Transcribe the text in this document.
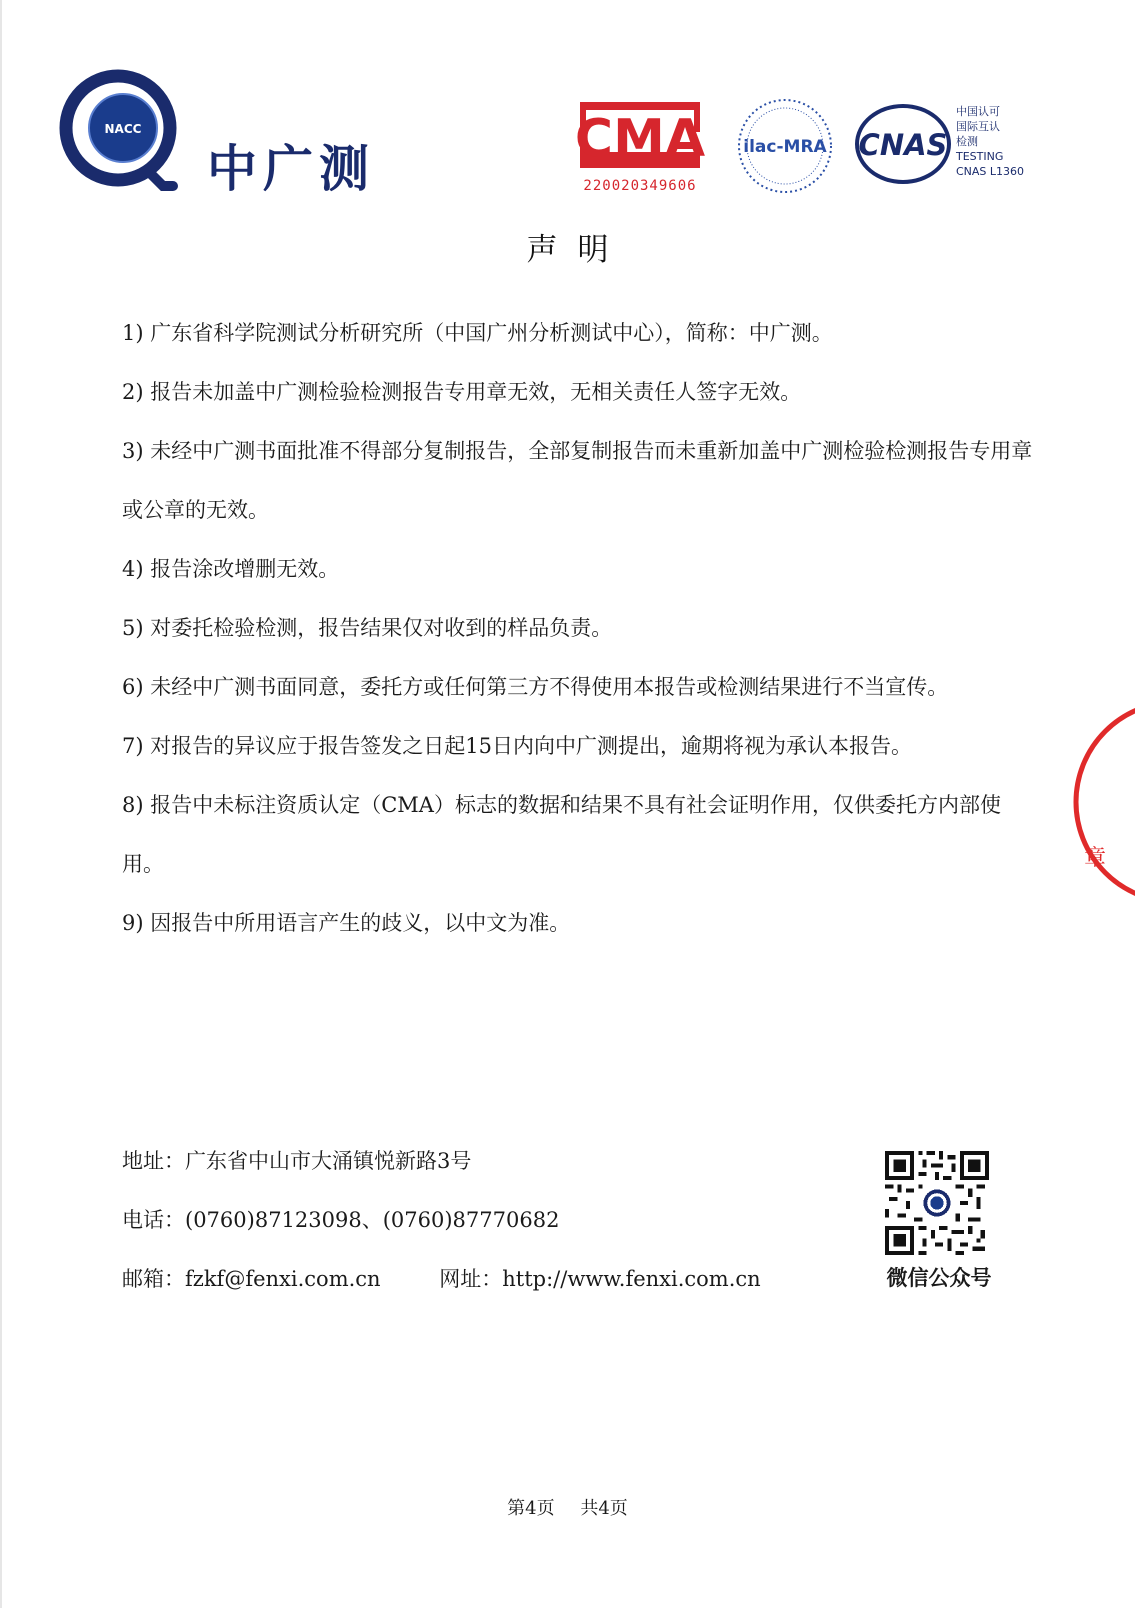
NACC
中广测	CMA
220020349606
ilac-MRA CNAS
中国认可
国际互认
检测
TESTING
CNAS L1360
声明

1) 广东省科学院测试分析研究所（中国广州分析测试中心），简称：中广测。

2) 报告未加盖中广测检验检测报告专用章无效，无相关责任人签字无效。

3) 未经中广测书面批准不得部分复制报告，全部复制报告而未重新加盖中广测检验检测报告专用章或公章的无效。

4) 报告涂改增删无效。

5) 对委托检验检测，报告结果仅对收到的样品负责。

6) 未经中广测书面同意，委托方或任何第三方不得使用本报告或检测结果进行不当宣传。

7) 对报告的异议应于报告签发之日起15日内向中广测提出，逾期将视为承认本报告。

8) 报告中未标注资质认定（CMA）标志的数据和结果不具有社会证明作用，仅供委托方内部使用。

9) 因报告中所用语言产生的歧义，以中文为准。

章
地址：广东省中山市大涌镇悦新路3号
电话：(0760)87123098、(0760)87770682
邮箱：fzkf@fenxi.com.cn	网址：http://www.fenxi.com.cn	微信公众号
第4页 共4页
